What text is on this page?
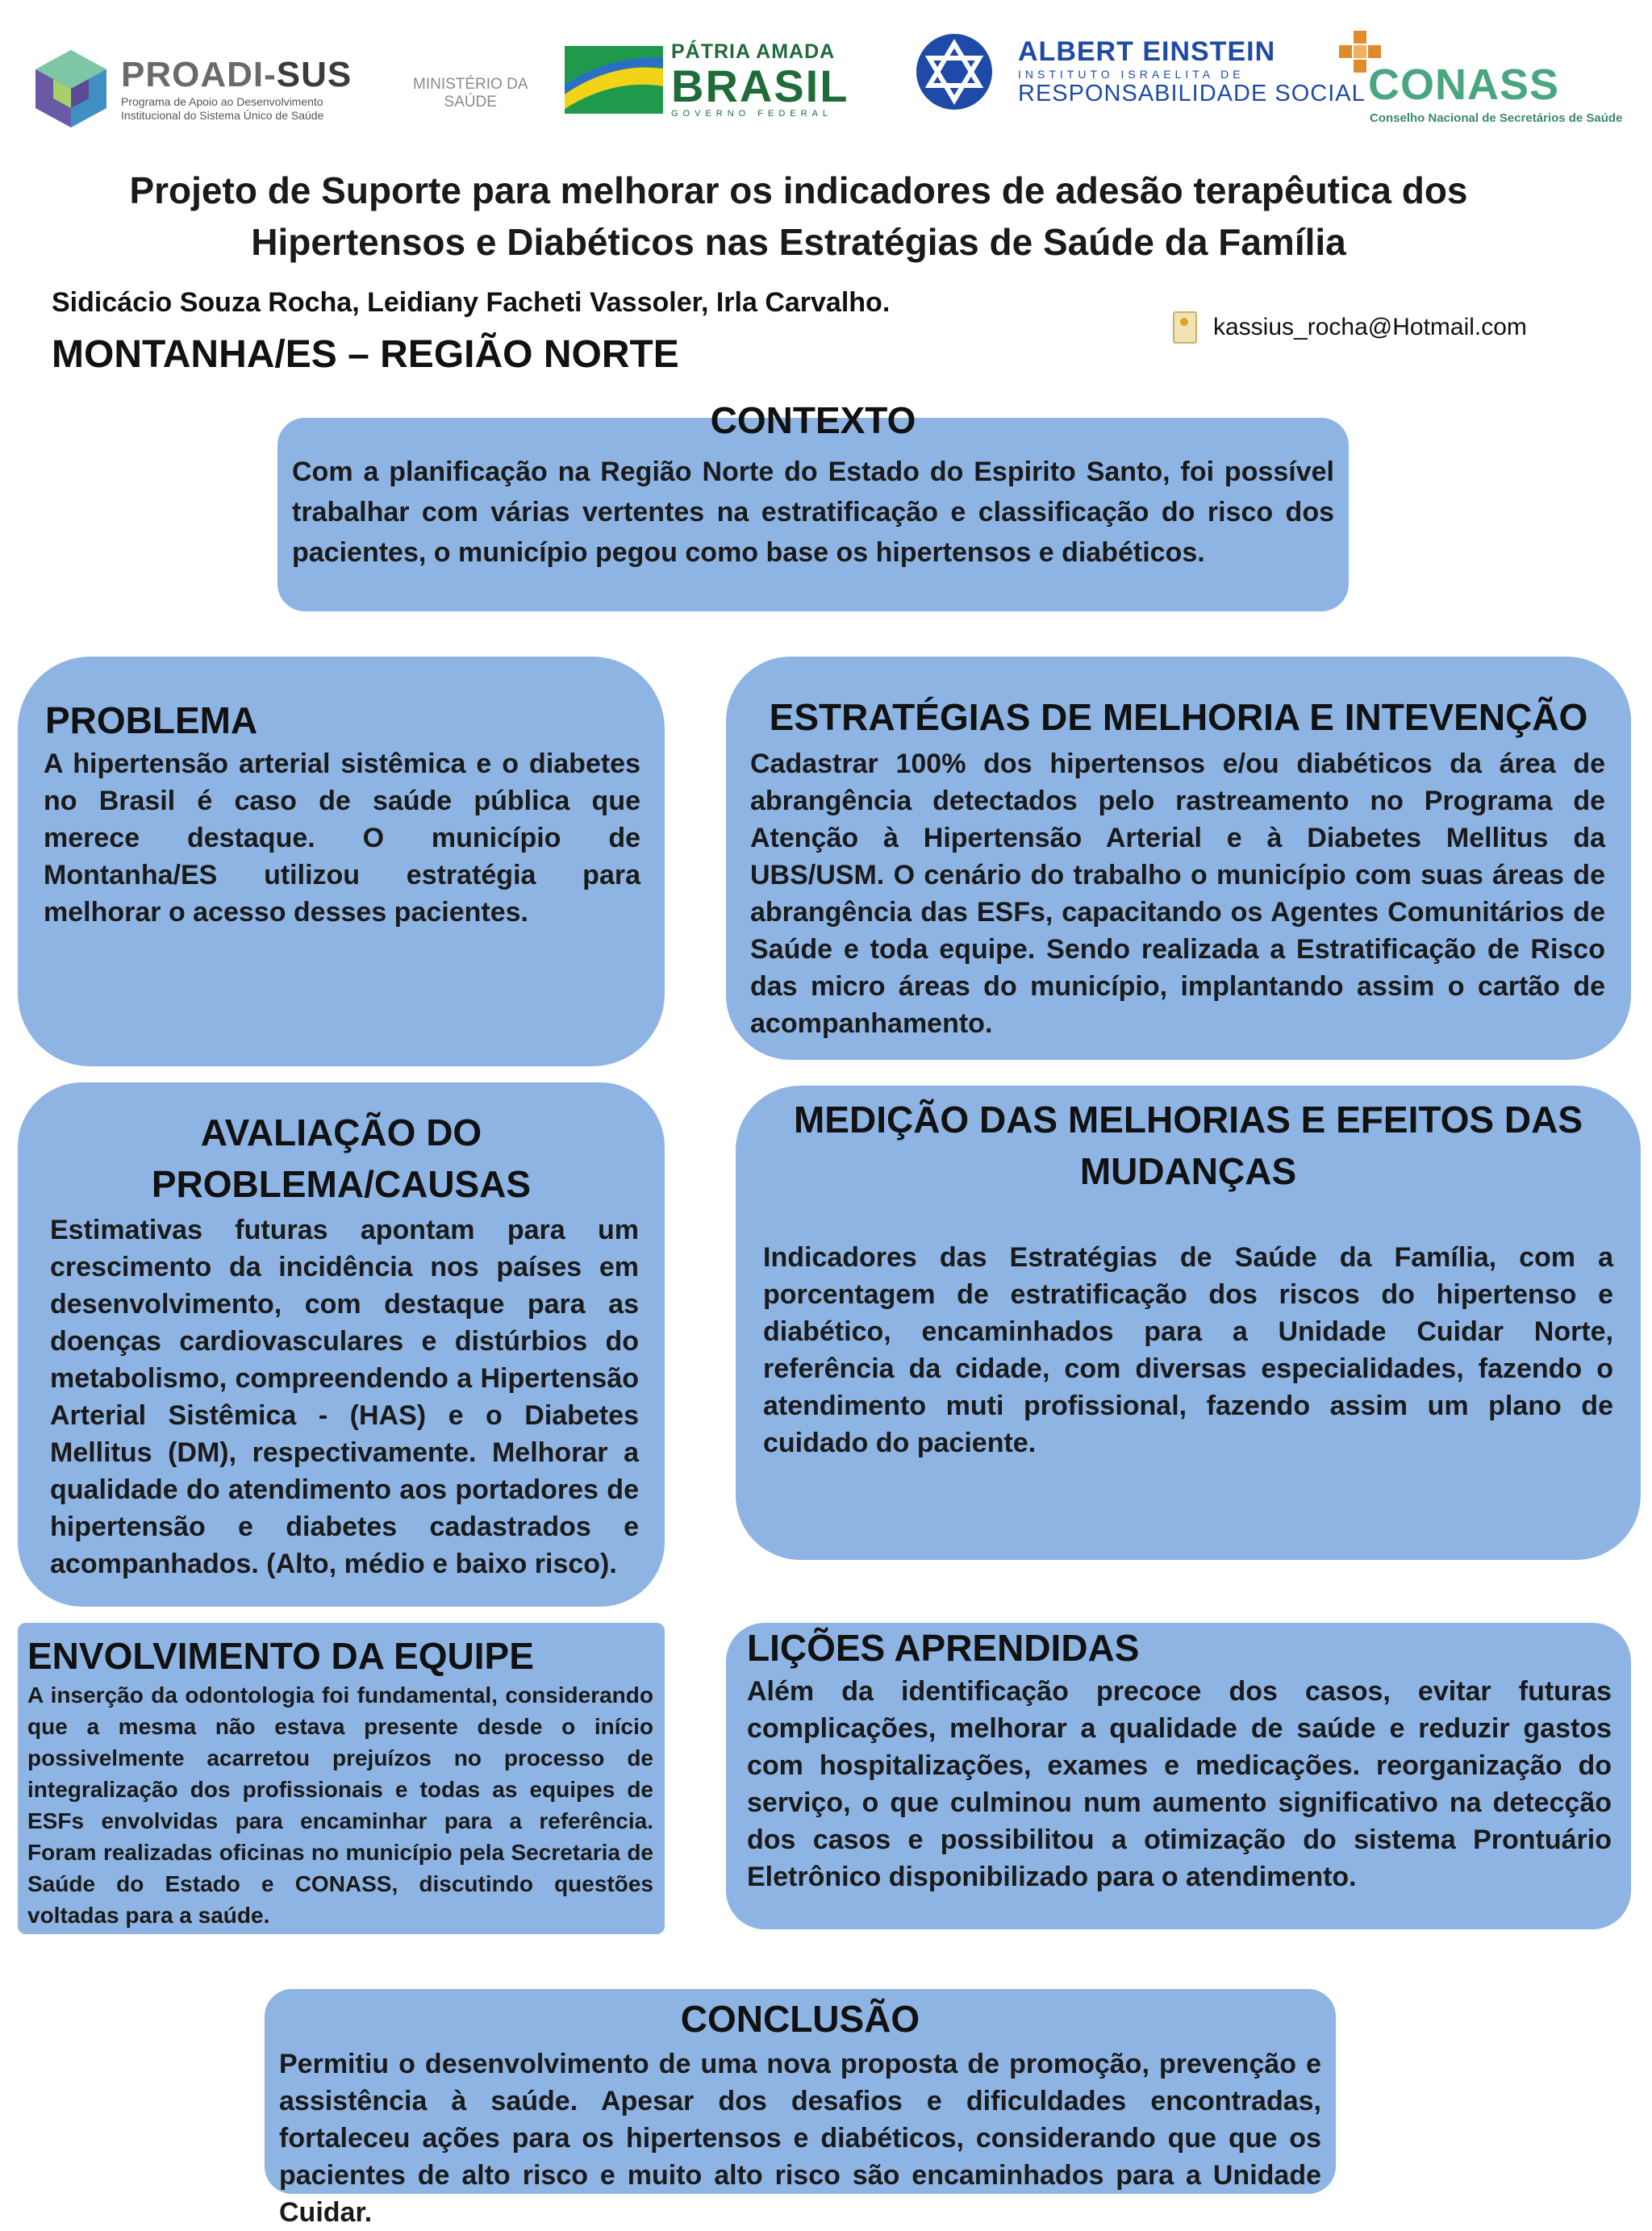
PROADI-SUS
Programa de Apoio ao Desenvolvimento
Institucional do Sistema Único de Saúde
MINISTÉRIO DA
SAÚDE
PÁTRIA AMADA
BRASIL
GOVERNO FEDERAL
ALBERT EINSTEIN
INSTITUTO ISRAELITA DE
RESPONSABILIDADE SOCIAL CONASS
Conselho Nacional de Secretários de Saúde
Projeto de Suporte para melhorar os indicadores de adesão terapêutica dos
Hipertensos e Diabéticos nas Estratégias de Saúde da Família
Sidicácio Souza Rocha, Leidiany Facheti Vassoler, Irla Carvalho.
MONTANHA/ES – REGIÃO NORTE
kassius_rocha@Hotmail.com
CONTEXTO
Com a planificação na Região Norte do Estado do Espirito Santo, foi possível trabalhar com várias vertentes na estratificação e classificação do risco dos pacientes, o município pegou como base os hipertensos e diabéticos.
PROBLEMA
A hipertensão arterial sistêmica e o diabetes no Brasil é caso de saúde pública que merece destaque. O município de Montanha/ES utilizou estratégia para melhorar o acesso desses pacientes.
ESTRATÉGIAS DE MELHORIA E INTEVENÇÃO
Cadastrar 100% dos hipertensos e/ou diabéticos da área de abrangência detectados pelo rastreamento no Programa de Atenção à Hipertensão Arterial e à Diabetes Mellitus da UBS/USM. O cenário do trabalho o município com suas áreas de abrangência das ESFs, capacitando os Agentes Comunitários de Saúde e toda equipe. Sendo realizada a Estratificação de Risco das micro áreas do município, implantando assim o cartão de acompanhamento.
AVALIAÇÃO DO
PROBLEMA/CAUSAS
Estimativas futuras apontam para um crescimento da incidência nos países em desenvolvimento, com destaque para as doenças cardiovasculares e distúrbios do metabolismo, compreendendo a Hipertensão Arterial Sistêmica - (HAS) e o Diabetes Mellitus (DM), respectivamente. Melhorar a qualidade do atendimento aos portadores de hipertensão e diabetes cadastrados e acompanhados. (Alto, médio e baixo risco).
MEDIÇÃO DAS MELHORIAS E EFEITOS DAS
MUDANÇAS
Indicadores das Estratégias de Saúde da Família, com a porcentagem de estratificação dos riscos do hipertenso e diabético, encaminhados para a Unidade Cuidar Norte, referência da cidade, com diversas especialidades, fazendo o atendimento muti profissional, fazendo assim um plano de cuidado do paciente.
ENVOLVIMENTO DA EQUIPE
A inserção da odontologia foi fundamental, considerando que a mesma não estava presente desde o início possivelmente acarretou prejuízos no processo de integralização dos profissionais e todas as equipes de ESFs envolvidas para encaminhar para a referência. Foram realizadas oficinas no município pela Secretaria de Saúde do Estado e CONASS, discutindo questões voltadas para a saúde.
LIÇÕES APRENDIDAS
Além da identificação precoce dos casos, evitar futuras complicações, melhorar a qualidade de saúde e reduzir gastos com hospitalizações, exames e medicações. reorganização do serviço, o que culminou num aumento significativo na detecção dos casos e possibilitou a otimização do sistema Prontuário Eletrônico disponibilizado para o atendimento.
CONCLUSÃO
Permitiu o desenvolvimento de uma nova proposta de promoção, prevenção e assistência à saúde. Apesar dos desafios e dificuldades encontradas, fortaleceu ações para os hipertensos e diabéticos, considerando que que os pacientes de alto risco e muito alto risco são encaminhados para a Unidade Cuidar.
